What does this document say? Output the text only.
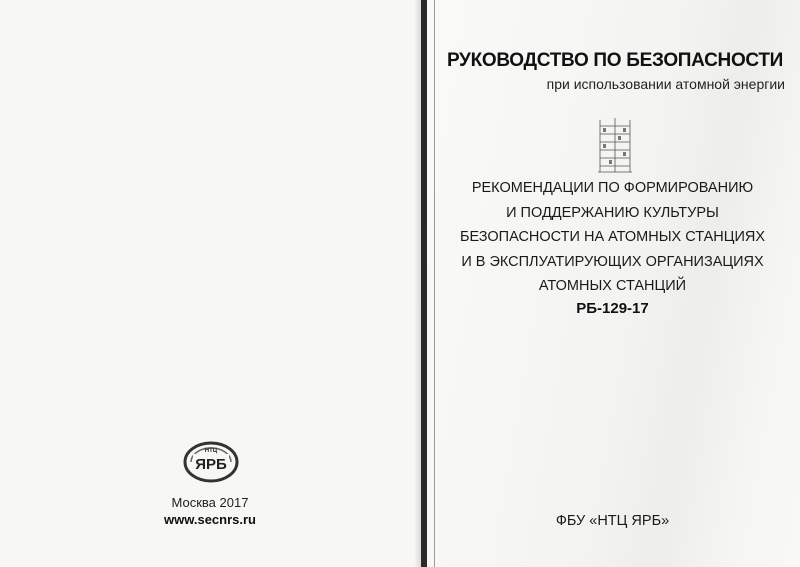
НТЦ
ЯРБ
Москва 2017
www.secnrs.ru
РУКОВОДСТВО ПО БЕЗОПАСНОСТИ
при использовании атомной энергии
РЕКОМЕНДАЦИИ ПО ФОРМИРОВАНИЮ
И ПОДДЕРЖАНИЮ КУЛЬТУРЫ
БЕЗОПАСНОСТИ НА АТОМНЫХ СТАНЦИЯХ
И В ЭКСПЛУАТИРУЮЩИХ ОРГАНИЗАЦИЯХ
АТОМНЫХ СТАНЦИЙ
РБ-129-17
ФБУ «НТЦ ЯРБ»
